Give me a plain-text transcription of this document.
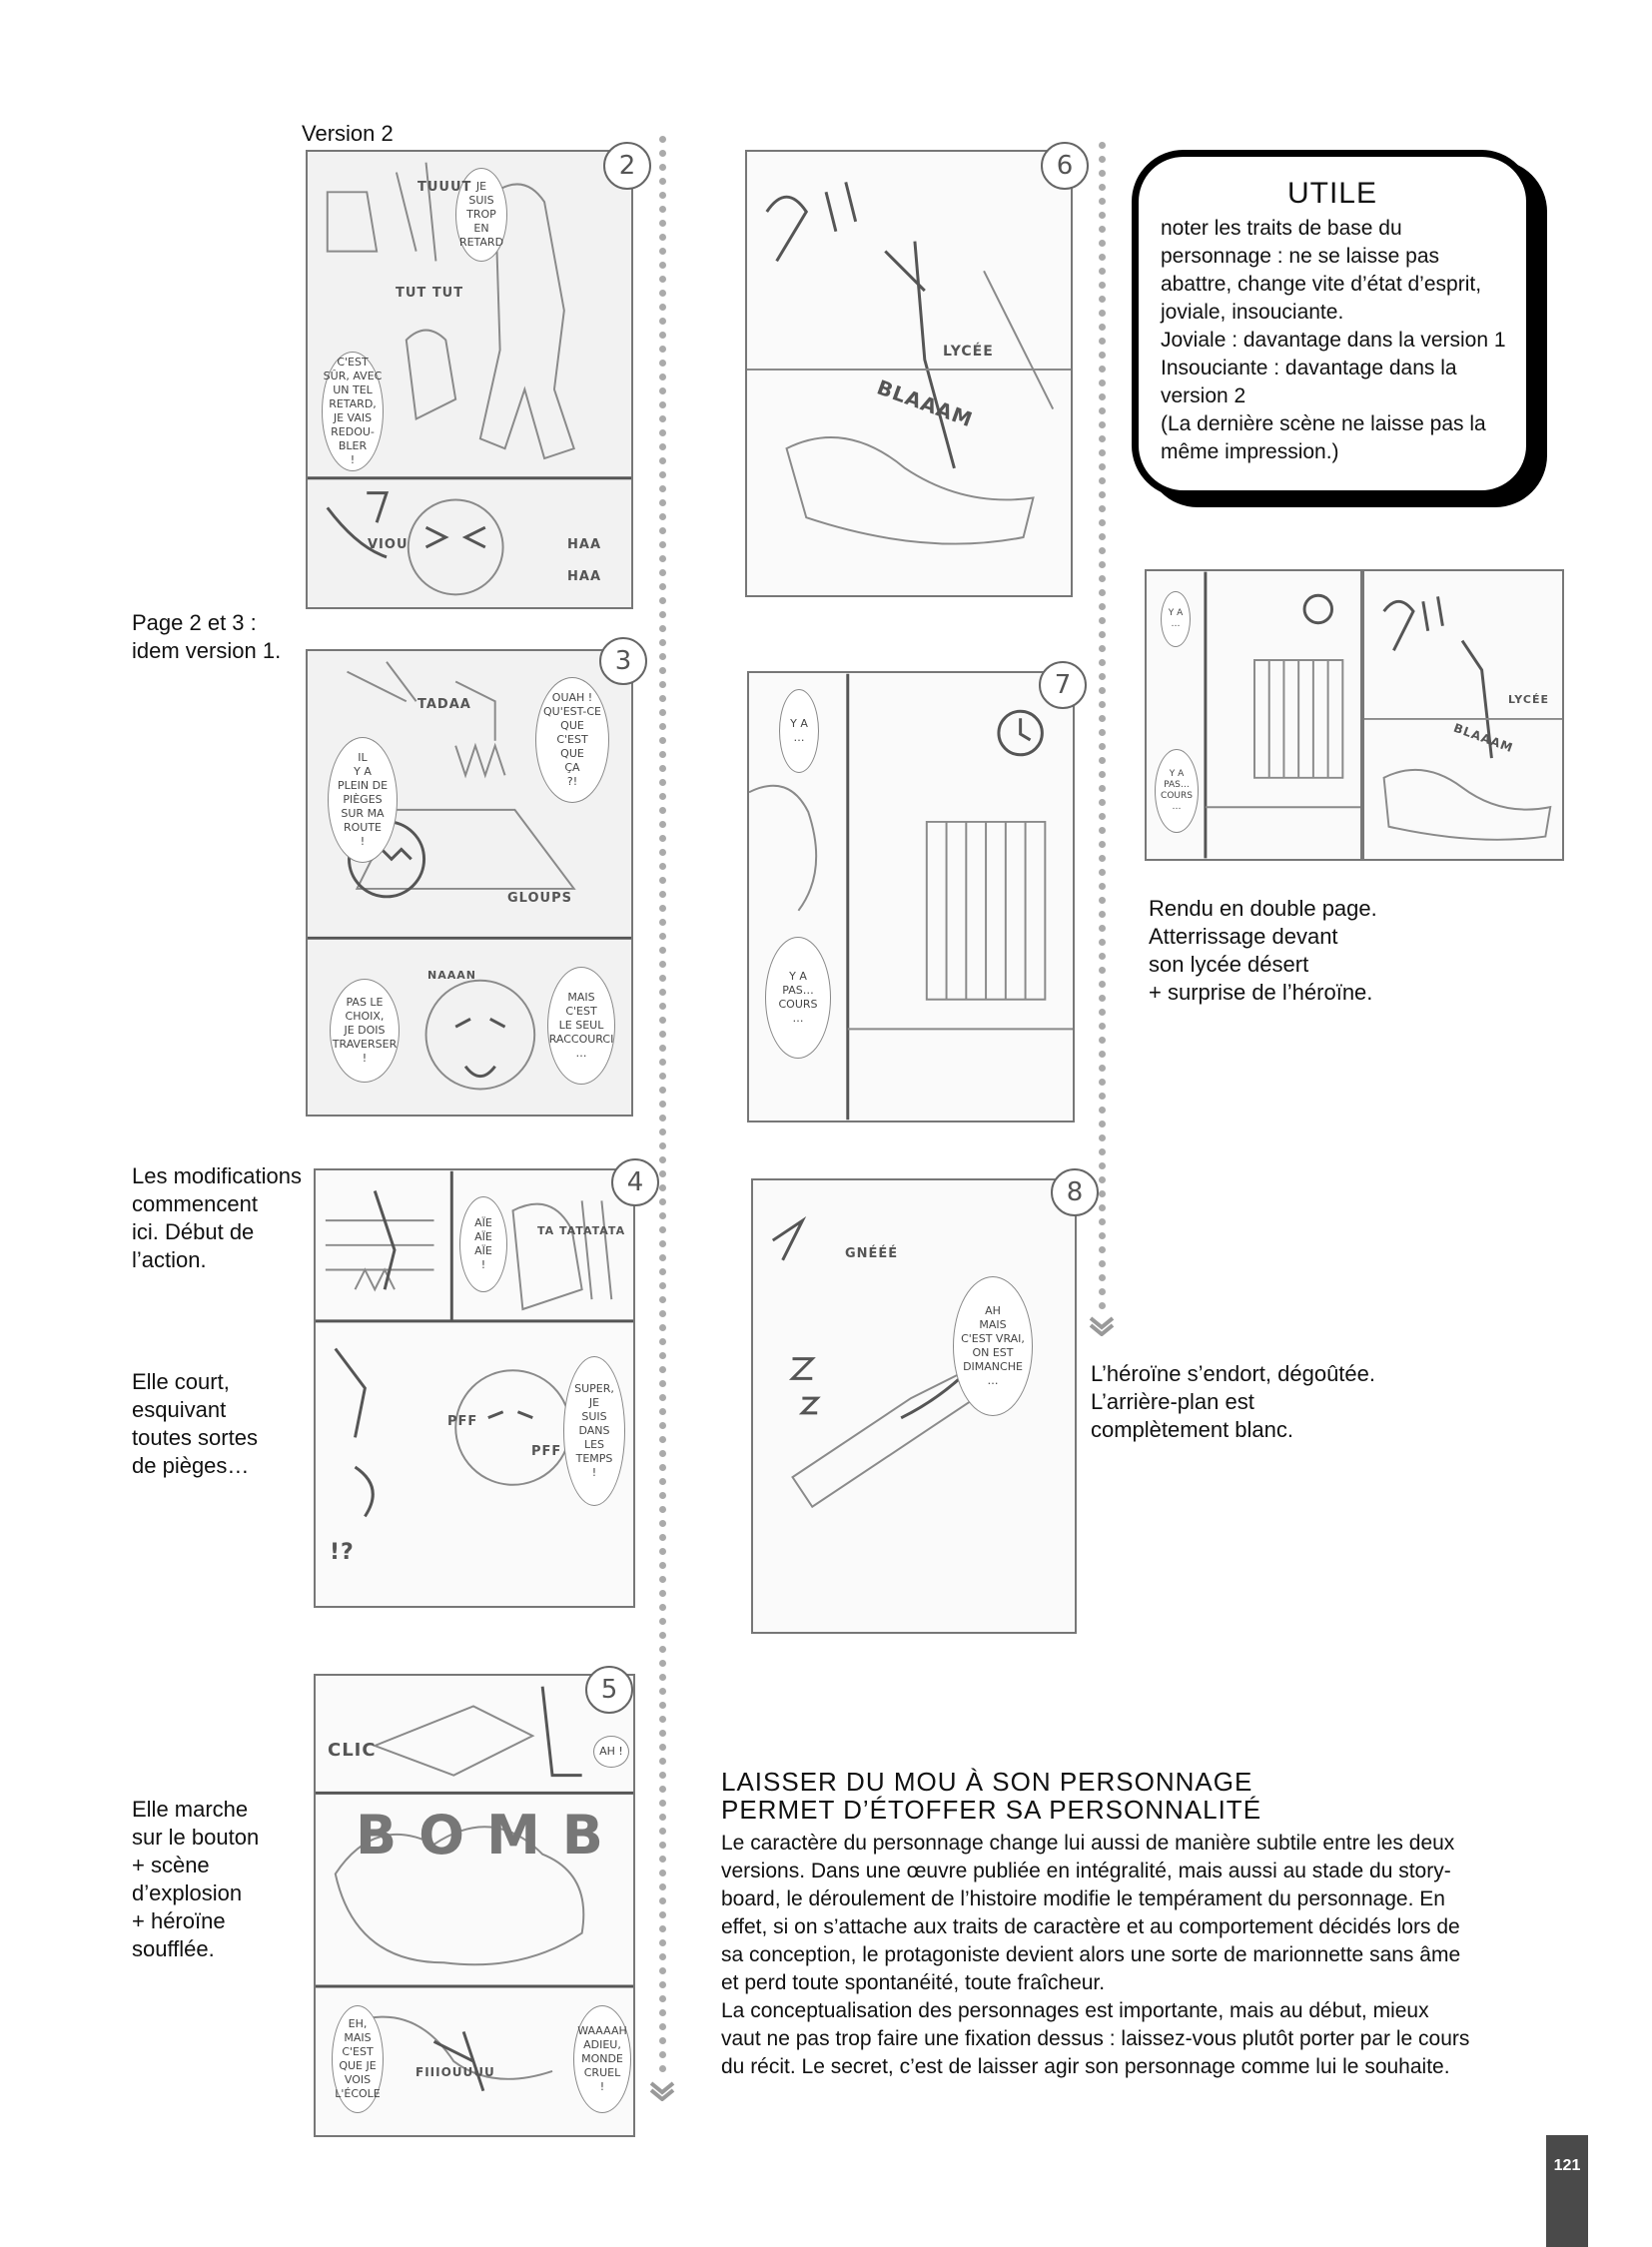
Version 2
Page 2 et 3 :
idem version 1.
Les modifications
commencent
ici. Début de
l’action.
Elle court,
esquivant
toutes sortes
de pièges…
Elle marche
sur le bouton
+ scène
d’explosion
+ héroïne
soufflée.
JE
SUIS
TROP
EN
RETARD
C'EST
SÛR, AVEC
UN TEL
RETARD,
JE VAIS
REDOU-
BLER
!
TUUUT
TUT TUT
VIOU	HAA
HAA
2
TADAA
IL
Y A
PLEIN DE
PIÈGES
SUR MA
ROUTE
!
OUAH !
QU'EST-CE
QUE
C'EST
QUE
ÇA
?!
GLOUPS
PAS LE
CHOIX,
JE DOIS
TRAVERSER
!
MAIS
C'EST
LE SEUL
RACCOURCI
…
NAAAN
3
AÏE
AÏE
AÏE
!
TA TATATATA
SUPER,
JE
SUIS
DANS
LES
TEMPS
!
PFF
PFF
!?
4
CLIC	AH !
BOMB
EH,
MAIS
C'EST
QUE JE
VOIS
L'ÉCOLE
WAAAAH
ADIEU,
MONDE
CRUEL
!
FIIIOUUUU
5
LYCÉE
BLAAAM
6
Y A
…
Y A
PAS…
COURS
…
7
GNÉÉÉ
AH
MAIS
C'EST VRAI,
ON EST
DIMANCHE
…
8
UTILE
noter les traits de base du
personnage : ne se laisse pas
abattre, change vite d’état d’esprit,
joviale, insouciante.
Joviale : davantage dans la version 1
Insouciante : davantage dans la
version 2
(La dernière scène ne laisse pas la
même impression.)
Y A
…
Y A
PAS…
COURS
…
LYCÉE
BLAAAM
Rendu en double page.
Atterrissage devant
son lycée désert
+ surprise de l’héroïne.
L’héroïne s’endort, dégoûtée.
L’arrière-plan est
complètement blanc.
LAISSER DU MOU À SON PERSONNAGE
PERMET D’ÉTOFFER SA PERSONNALITÉ
Le caractère du personnage change lui aussi de manière subtile entre les deux
versions. Dans une œuvre publiée en intégralité, mais aussi au stade du story-
board, le déroulement de l’histoire modifie le tempérament du personnage. En
effet, si on s’attache aux traits de caractère et au comportement décidés lors de
sa conception, le protagoniste devient alors une sorte de marionnette sans âme
et perd toute spontanéité, toute fraîcheur.
La conceptualisation des personnages est importante, mais au début, mieux
vaut ne pas trop faire une fixation dessus : laissez-vous plutôt porter par le cours
du récit. Le secret, c’est de laisser agir son personnage comme lui le souhaite.
121
